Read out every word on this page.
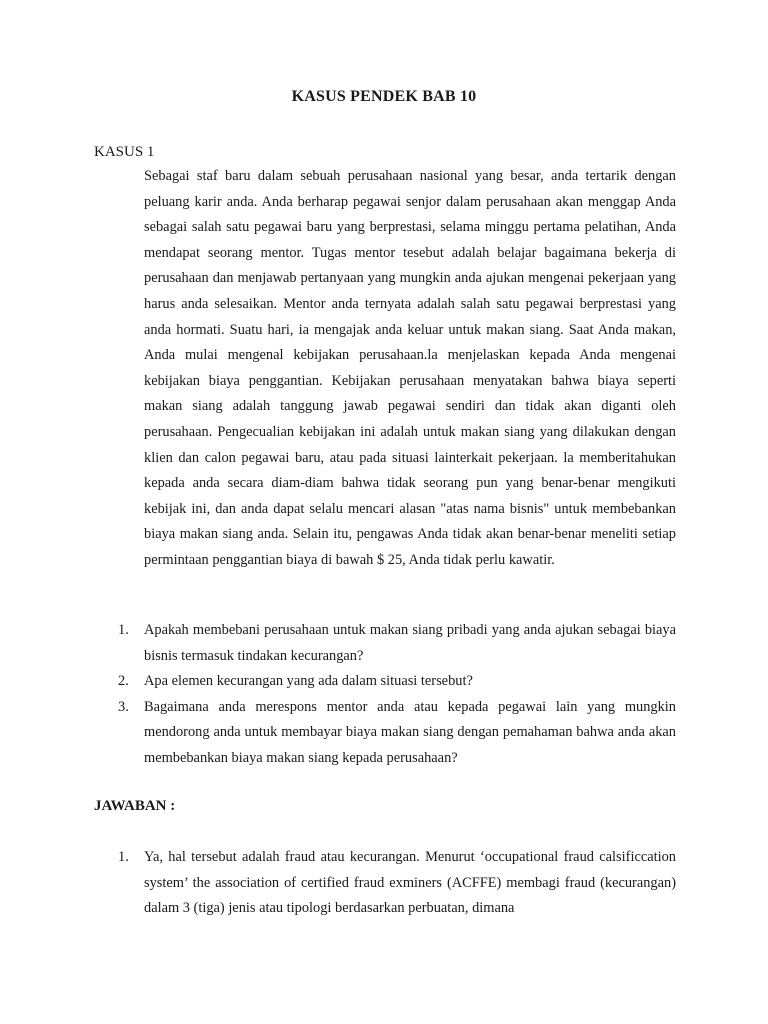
KASUS PENDEK BAB 10
KASUS 1
Sebagai staf baru dalam sebuah perusahaan nasional yang besar, anda tertarik dengan peluang karir anda. Anda berharap pegawai senjor dalam perusahaan akan menggap Anda sebagai salah satu pegawai baru yang berprestasi, selama minggu pertama pelatihan, Anda mendapat seorang mentor. Tugas mentor tesebut adalah belajar bagaimana bekerja di perusahaan dan menjawab pertanyaan yang mungkin anda ajukan mengenai pekerjaan yang harus anda selesaikan. Mentor anda ternyata adalah salah satu pegawai berprestasi yang anda hormati. Suatu hari, ia mengajak anda keluar untuk makan siang. Saat Anda makan, Anda mulai mengenal kebijakan perusahaan.la menjelaskan kepada Anda mengenai kebijakan biaya penggantian. Kebijakan perusahaan menyatakan bahwa biaya seperti makan siang adalah tanggung jawab pegawai sendiri dan tidak akan diganti oleh perusahaan. Pengecualian kebijakan ini adalah untuk makan siang yang dilakukan dengan klien dan calon pegawai baru, atau pada situasi lainterkait pekerjaan. la memberitahukan kepada anda secara diam-diam bahwa tidak seorang pun yang benar-benar mengikuti kebijak ini, dan anda dapat selalu mencari alasan "atas nama bisnis" untuk membebankan biaya makan siang anda. Selain itu, pengawas Anda tidak akan benar-benar meneliti setiap permintaan penggantian biaya di bawah $ 25, Anda tidak perlu kawatir.
1.	Apakah membebani perusahaan untuk makan siang pribadi yang anda ajukan sebagai biaya bisnis termasuk tindakan kecurangan?
2.	Apa elemen kecurangan yang ada dalam situasi tersebut?
3.	Bagaimana anda merespons mentor anda atau kepada pegawai lain yang mungkin mendorong anda untuk membayar biaya makan siang dengan pemahaman bahwa anda akan membebankan biaya makan siang kepada perusahaan?
JAWABAN :
1.	Ya, hal tersebut adalah fraud atau kecurangan. Menurut ‘occupational fraud calsificcation system’ the association of certified fraud exminers (ACFFE) membagi fraud (kecurangan) dalam 3 (tiga) jenis atau tipologi berdasarkan perbuatan, dimana
